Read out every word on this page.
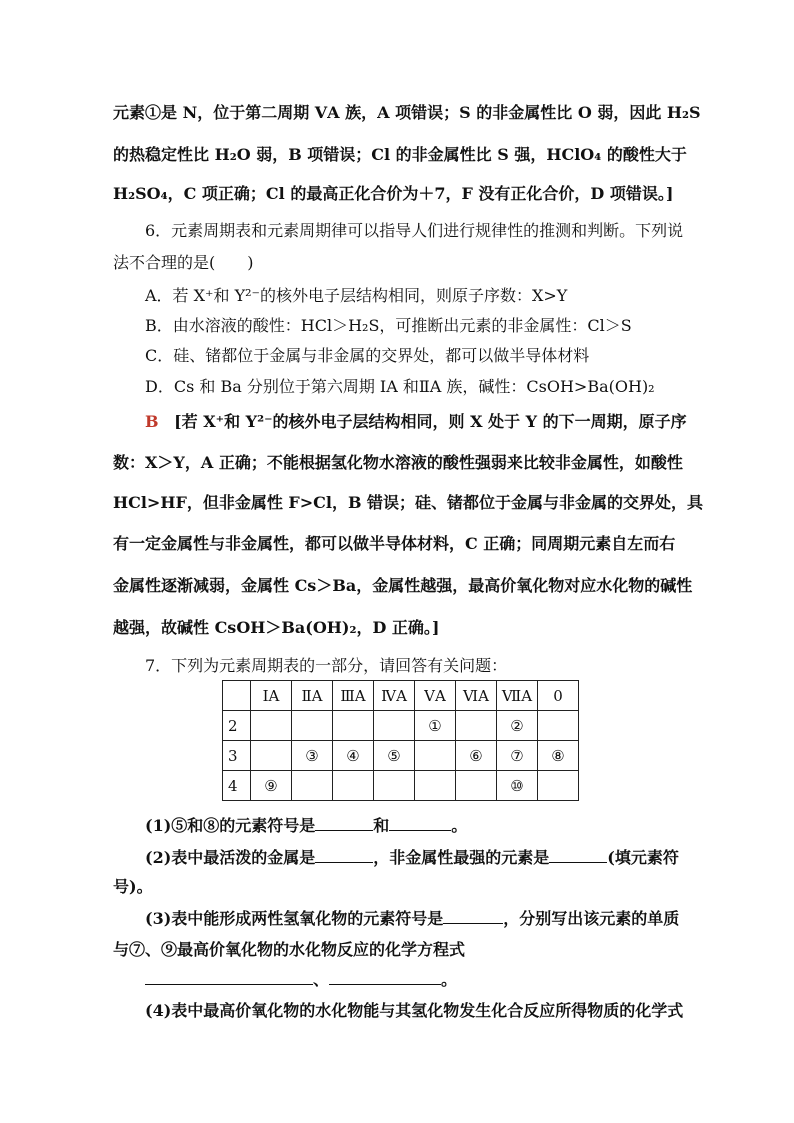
元素①是 N，位于第二周期 ⅤA 族，A 项错误；S 的非金属性比 O 弱，因此 H₂S
的热稳定性比 H₂O 弱，B 项错误；Cl 的非金属性比 S 强，HClO₄ 的酸性大于
H₂SO₄，C 项正确；Cl 的最高正化合价为＋7，F 没有正化合价，D 项错误。]
6．元素周期表和元素周期律可以指导人们进行规律性的推测和判断。下列说
法不合理的是(　　)
A．若 X⁺和 Y²⁻的核外电子层结构相同，则原子序数：X>Y
B．由水溶液的酸性：HCl＞H₂S，可推断出元素的非金属性：Cl＞S
C．硅、锗都位于金属与非金属的交界处，都可以做半导体材料
D．Cs 和 Ba 分别位于第六周期 ⅠA 和ⅡA 族，碱性：CsOH>Ba(OH)₂
B [若 X⁺和 Y²⁻的核外电子层结构相同，则 X 处于 Y 的下一周期，原子序
数：X＞Y，A 正确；不能根据氢化物水溶液的酸性强弱来比较非金属性，如酸性
HCl>HF，但非金属性 F>Cl，B 错误；硅、锗都位于金属与非金属的交界处，具
有一定金属性与非金属性，都可以做半导体材料，C 正确；同周期元素自左而右
金属性逐渐减弱，金属性 Cs＞Ba，金属性越强，最高价氧化物对应水化物的碱性
越强，故碱性 CsOH＞Ba(OH)₂，D 正确。]
7．下列为元素周期表的一部分，请回答有关问题：
	ⅠA	ⅡA	ⅢA	ⅣA	ⅤA	ⅥA	ⅦA	0
2					①		②	
3		③	④	⑤		⑥	⑦	⑧
4	⑨						⑩	
(1)⑤和⑧的元素符号是	和	。
(2)表中最活泼的金属是	，非金属性最强的元素是	(填元素符
号)。
(3)表中能形成两性氢氧化物的元素符号是	，分别写出该元素的单质
与⑦、⑨最高价氧化物的水化物反应的化学方程式
、	。
(4)表中最高价氧化物的水化物能与其氢化物发生化合反应所得物质的化学式
